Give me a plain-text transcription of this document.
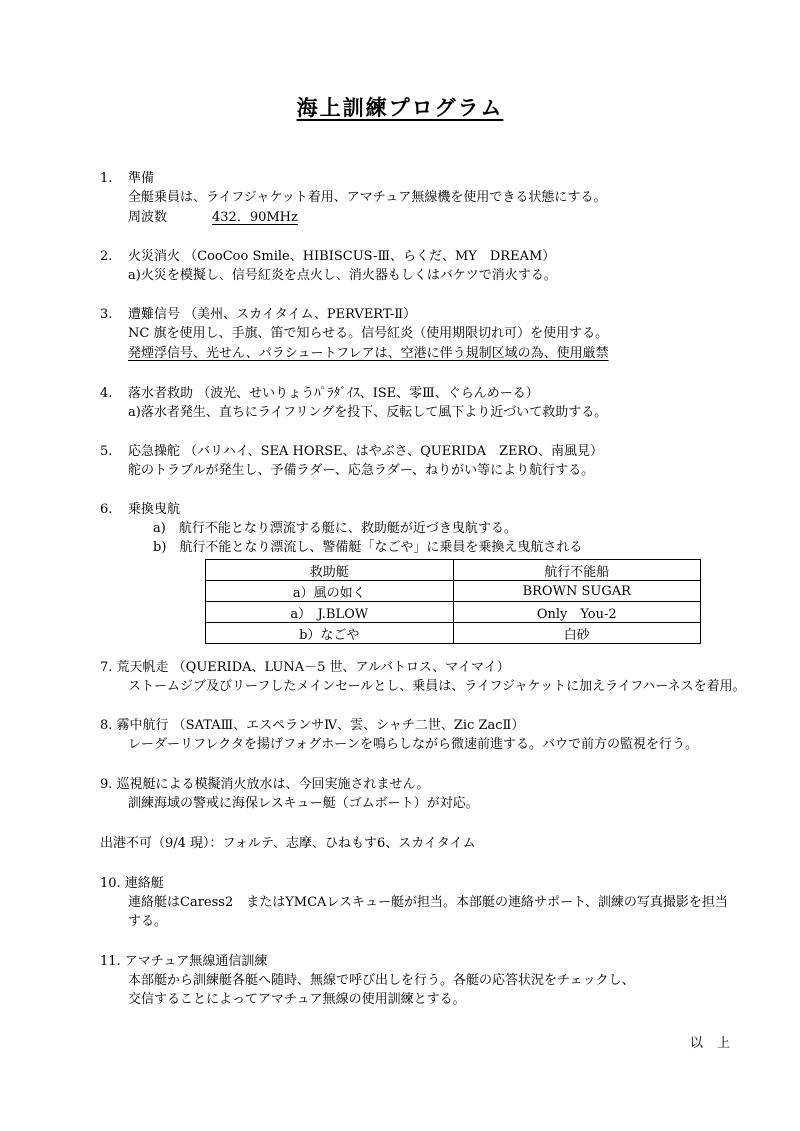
海上訓練プログラム
1. 準備
全艇乗員は、ライフジャケット着用、アマチュア無線機を使用できる状態にする。
周波数	432．90MHz
2. 火災消火 （CooCoo Smile、HIBISCUS-Ⅲ、らくだ、MY　DREAM）
a)火災を模擬し、信号紅炎を点火し、消火器もしくはバケツで消火する。
3. 遭難信号 （美州、スカイタイム、PERVERT-Ⅱ）
NC 旗を使用し、手旗、笛で知らせる。信号紅炎（使用期限切れ可）を使用する。
発煙浮信号、光せん、パラシュートフレアは、空港に伴う規制区域の為、使用厳禁
4. 落水者救助 （波光、せいりょうﾊﾟﾗﾀﾞｲｽ、ISE、零Ⅲ、ぐらんめーる）
a)落水者発生、直ちにライフリングを投下、反転して風下より近づいて救助する。
5. 応急操舵 （バリハイ、SEA HORSE、はやぶさ、QUERIDA　ZERO、南風見）
舵のトラブルが発生し、予備ラダー、応急ラダー、ねりがい等により航行する。
6. 乗換曳航
a)　航行不能となり漂流する艇に、救助艇が近づき曳航する。
b)　航行不能となり漂流し、警備艇「なごや」に乗員を乗換え曳航される
救助艇	航行不能船
a）風の如く	BROWN SUGAR
a）　J.BLOW	Only　You-2
b）なごや	白砂
7. 荒天帆走 （QUERIDA、LUNA－5 世、アルバトロス、マイマイ）
ストームジブ及びリーフしたメインセールとし、乗員は、ライフジャケットに加えライフハーネスを着用。
8. 霧中航行 （SATAⅢ、エスペランサⅣ、雲、シャチ二世、Zic ZacⅡ）
レーダーリフレクタを揚げフォグホーンを鳴らしながら微速前進する。バウで前方の監視を行う。
9. 巡視艇による模擬消火放水は、今回実施されません。
訓練海域の警戒に海保レスキュー艇（ゴムボート）が対応。
出港不可（9/4 現）：フォルテ、志摩、ひねもす6、スカイタイム
10. 連絡艇
連絡艇はCaress2　またはYMCAレスキュー艇が担当。本部艇の連絡サポート、訓練の写真撮影を担当
する。
11. アマチュア無線通信訓練
本部艇から訓練艇各艇へ随時、無線で呼び出しを行う。各艇の応答状況をチェックし、
交信することによってアマチュア無線の使用訓練とする。
以上
